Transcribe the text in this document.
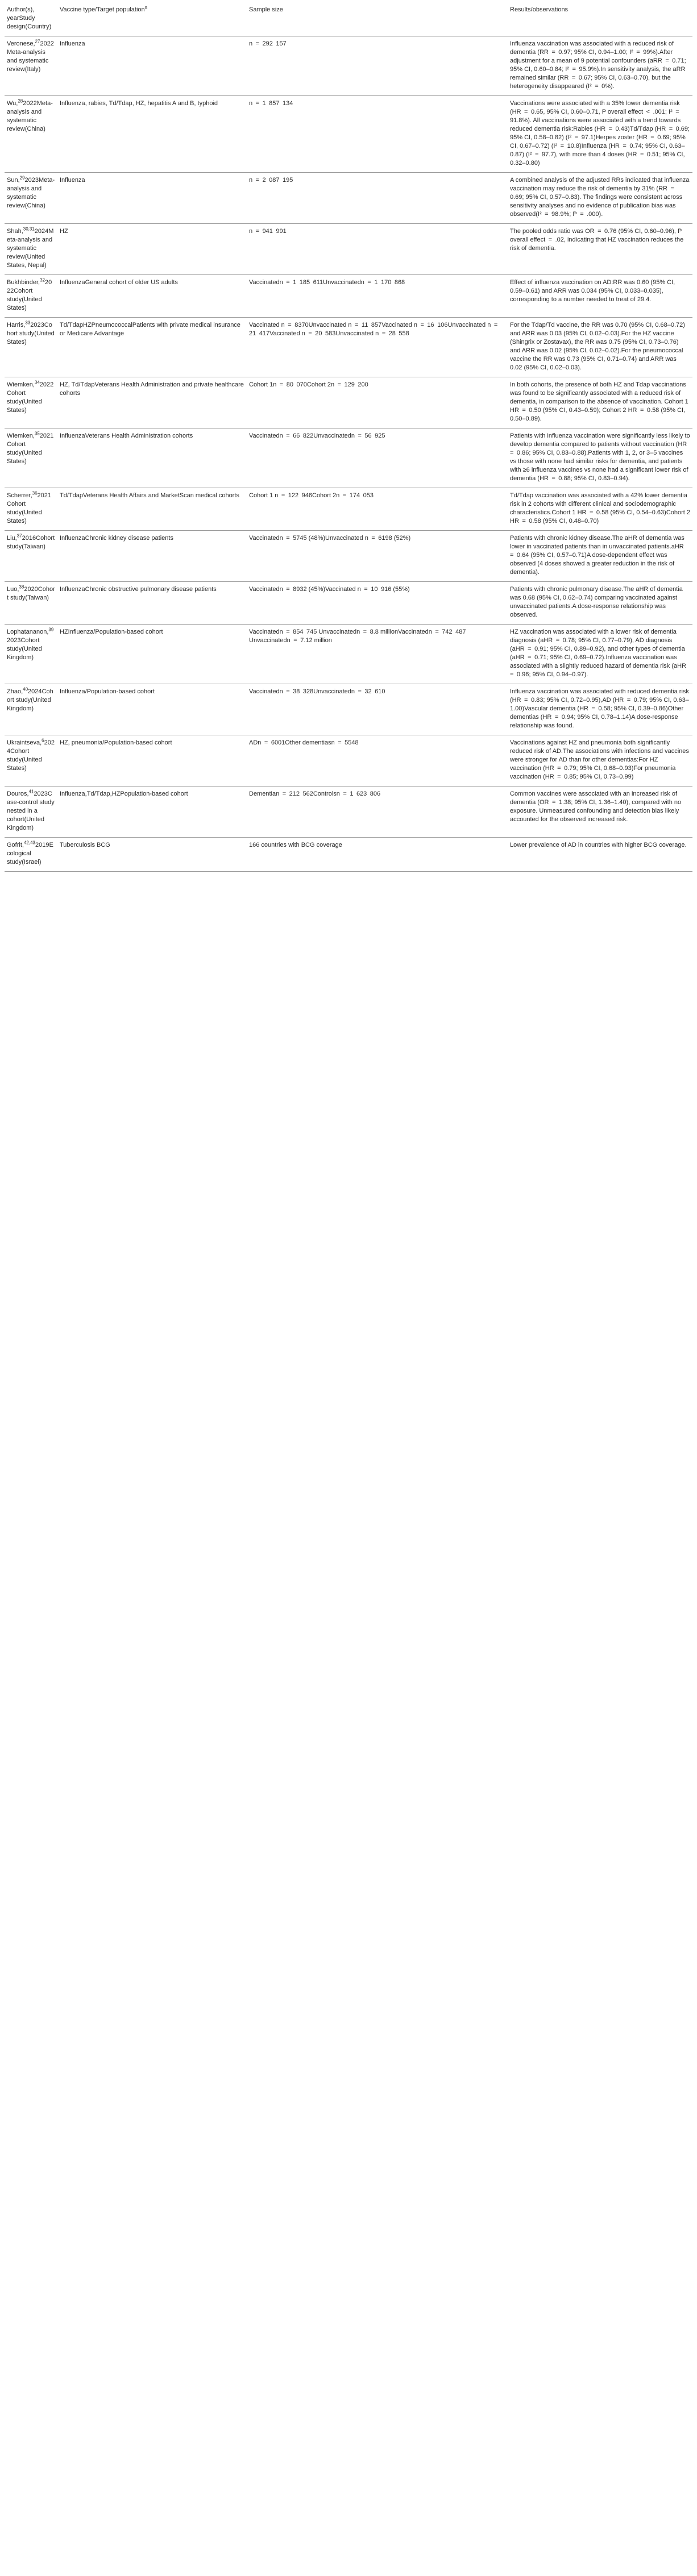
Author(s), yearStudy design(Country)	Vaccine type/Target population$^a$	Sample size	Results/observations
Veronese,$^{27}$2022Meta-analysis and systematic review(Italy)	Influenza	n = 292 157	Influenza vaccination was associated with a reduced risk of dementia (RR = 0.97; 95% CI, 0.94–1.00; I² = 99%).After adjustment for a mean of 9 potential confounders (aRR = 0.71; 95% CI, 0.60–0.84; I² = 95.9%).In sensitivity analysis, the aRR remained similar (RR = 0.67; 95% CI, 0.63–0.70), but the heterogeneity disappeared (I² = 0%).
Wu,$^{28}$2022Meta-analysis and systematic review(China)	Influenza, rabies, Td/Tdap, HZ, hepatitis A and B, typhoid	n = 1 857 134	Vaccinations were associated with a 35% lower dementia risk (HR = 0.65, 95% CI, 0.60–0.71, P overall effect < .001; I² = 91.8%). All vaccinations were associated with a trend towards reduced dementia risk:Rabies (HR = 0.43)Td/Tdap (HR = 0.69; 95% CI, 0.58–0.82) (I² = 97.1)Herpes zoster (HR = 0.69; 95% CI, 0.67–0.72) (I² = 10.8)Influenza (HR = 0.74; 95% CI, 0.63–0.87) (I² = 97.7), with more than 4 doses (HR = 0.51; 95% CI, 0.32–0.80)
Sun,$^{29}$2023Meta-analysis and systematic review(China)	Influenza	n = 2 087 195	A combined analysis of the adjusted RRs indicated that influenza vaccination may reduce the risk of dementia by 31% (RR = 0.69; 95% CI, 0.57–0.83). The findings were consistent across sensitivity analyses and no evidence of publication bias was observed(I² = 98.9%; P = .000).
Shah,$^{30,31}$2024Meta-analysis and systematic review(United States, Nepal)	HZ	n = 941 991	The pooled odds ratio was OR = 0.76 (95% CI, 0.60–0.96), P overall effect = .02, indicating that HZ vaccination reduces the risk of dementia.
Bukhbinder,$^{32}$2022Cohort study(United States)	InfluenzaGeneral cohort of older US adults	Vaccinatedn = 1 185 611Unvaccinatedn = 1 170 868	Effect of influenza vaccination on AD:RR was 0.60 (95% CI, 0.59–0.61) and ARR was 0.034 (95% CI, 0.033–0.035), corresponding to a number needed to treat of 29.4.
Harris,$^{33}$2023Cohort study(United States)	Td/TdapHZPneumococcalPatients with private medical insurance or Medicare Advantage	Vaccinated n = 8370Unvaccinated n = 11 857Vaccinated n = 16 106Unvaccinated n = 21 417Vaccinated n = 20 583Unvaccinated n = 28 558	For the Tdap/Td vaccine, the RR was 0.70 (95% CI, 0.68–0.72) and ARR was 0.03 (95% CI, 0.02–0.03).For the HZ vaccine (Shingrix or Zostavax), the RR was 0.75 (95% CI, 0.73–0.76) and ARR was 0.02 (95% CI, 0.02–0.02).For the pneumococcal vaccine the RR was 0.73 (95% CI, 0.71–0.74) and ARR was 0.02 (95% CI, 0.02–0.03).
Wiemken,$^{34}$2022Cohort study(United States)	HZ, Td/TdapVeterans Health Administration and private healthcare cohorts	Cohort 1n = 80 070Cohort 2n = 129 200	In both cohorts, the presence of both HZ and Tdap vaccinations was found to be significantly associated with a reduced risk of dementia, in comparison to the absence of vaccination. Cohort 1 HR = 0.50 (95% CI, 0.43–0.59); Cohort 2 HR = 0.58 (95% CI, 0.50–0.89).
Wiemken,$^{35}$2021Cohort study(United States)	InfluenzaVeterans Health Administration cohorts	Vaccinatedn = 66 822Unvaccinatedn = 56 925	Patients with influenza vaccination were significantly less likely to develop dementia compared to patients without vaccination (HR = 0.86; 95% CI, 0.83–0.88).Patients with 1, 2, or 3–5 vaccines vs those with none had similar risks for dementia, and patients with ≥6 influenza vaccines vs none had a significant lower risk of dementia (HR = 0.88; 95% CI, 0.83–0.94).
Scherrer,$^{36}$2021Cohort study(United States)	Td/TdapVeterans Health Affairs and MarketScan medical cohorts	Cohort 1 n = 122 946Cohort 2n = 174 053	Td/Tdap vaccination was associated with a 42% lower dementia risk in 2 cohorts with different clinical and sociodemographic characteristics.Cohort 1 HR = 0.58 (95% CI, 0.54–0.63)Cohort 2 HR = 0.58 (95% CI, 0.48–0.70)
Liu,$^{37}$2016Cohort study(Taiwan)	InfluenzaChronic kidney disease patients	Vaccinatedn = 5745 (48%)Unvaccinated n = 6198 (52%)	Patients with chronic kidney disease.The aHR of dementia was lower in vaccinated patients than in unvaccinated patients.aHR = 0.64 (95% CI, 0.57–0.71)A dose-dependent effect was observed (4 doses showed a greater reduction in the risk of dementia).
Luo,$^{38}$2020Cohort study(Taiwan)	InfluenzaChronic obstructive pulmonary disease patients	Vaccinatedn = 8932 (45%)Vaccinated n = 10 916 (55%)	Patients with chronic pulmonary disease.The aHR of dementia was 0.68 (95% CI, 0.62–0.74) comparing vaccinated against unvaccinated patients.A dose-response relationship was observed.
Lophatananon,$^{39}$2023Cohort study(United Kingdom)	HZInfluenza/Population-based cohort	Vaccinatedn = 854 745 Unvaccinatedn = 8.8 millionVaccinatedn = 742 487 Unvaccinatedn = 7.12 million	HZ vaccination was associated with a lower risk of dementia diagnosis (aHR = 0.78; 95% CI, 0.77–0.79), AD diagnosis (aHR = 0.91; 95% CI, 0.89–0.92), and other types of dementia (aHR = 0.71; 95% CI, 0.69–0.72).Influenza vaccination was associated with a slightly reduced hazard of dementia risk (aHR = 0.96; 95% CI, 0.94–0.97).
Zhao,$^{40}$2024Cohort study(United Kingdom)	Influenza/Population-based cohort	Vaccinatedn = 38 328Unvaccinatedn = 32 610	Influenza vaccination was associated with reduced dementia risk (HR = 0.83; 95% CI, 0.72–0.95),AD (HR = 0.79; 95% CI, 0.63–1.00)Vascular dementia (HR = 0.58; 95% CI, 0.39–0.86)Other dementias (HR = 0.94; 95% CI, 0.78–1.14)A dose-response relationship was found.
Ukraintseva,$^6$2024Cohort study(United States)	HZ, pneumonia/Population-based cohort	ADn = 6001Other dementiasn = 5548	Vaccinations against HZ and pneumonia both significantly reduced risk of AD.The associations with infections and vaccines were stronger for AD than for other dementias:For HZ vaccination (HR = 0.79; 95% CI, 0.68–0.93)For pneumonia vaccination (HR = 0.85; 95% CI, 0.73–0.99)
Douros,$^{41}$2023Case-control study nested in a cohort(United Kingdom)	Influenza,Td/Tdap,HZPopulation-based cohort	Dementian = 212 562Controlsn = 1 623 806	Common vaccines were associated with an increased risk of dementia (OR = 1.38; 95% CI, 1.36–1.40), compared with no exposure. Unmeasured confounding and detection bias likely accounted for the observed increased risk.
Gofrit,$^{42,43}$2019Ecological study(Israel)	Tuberculosis BCG	166 countries with BCG coverage	Lower prevalence of AD in countries with higher BCG coverage.
